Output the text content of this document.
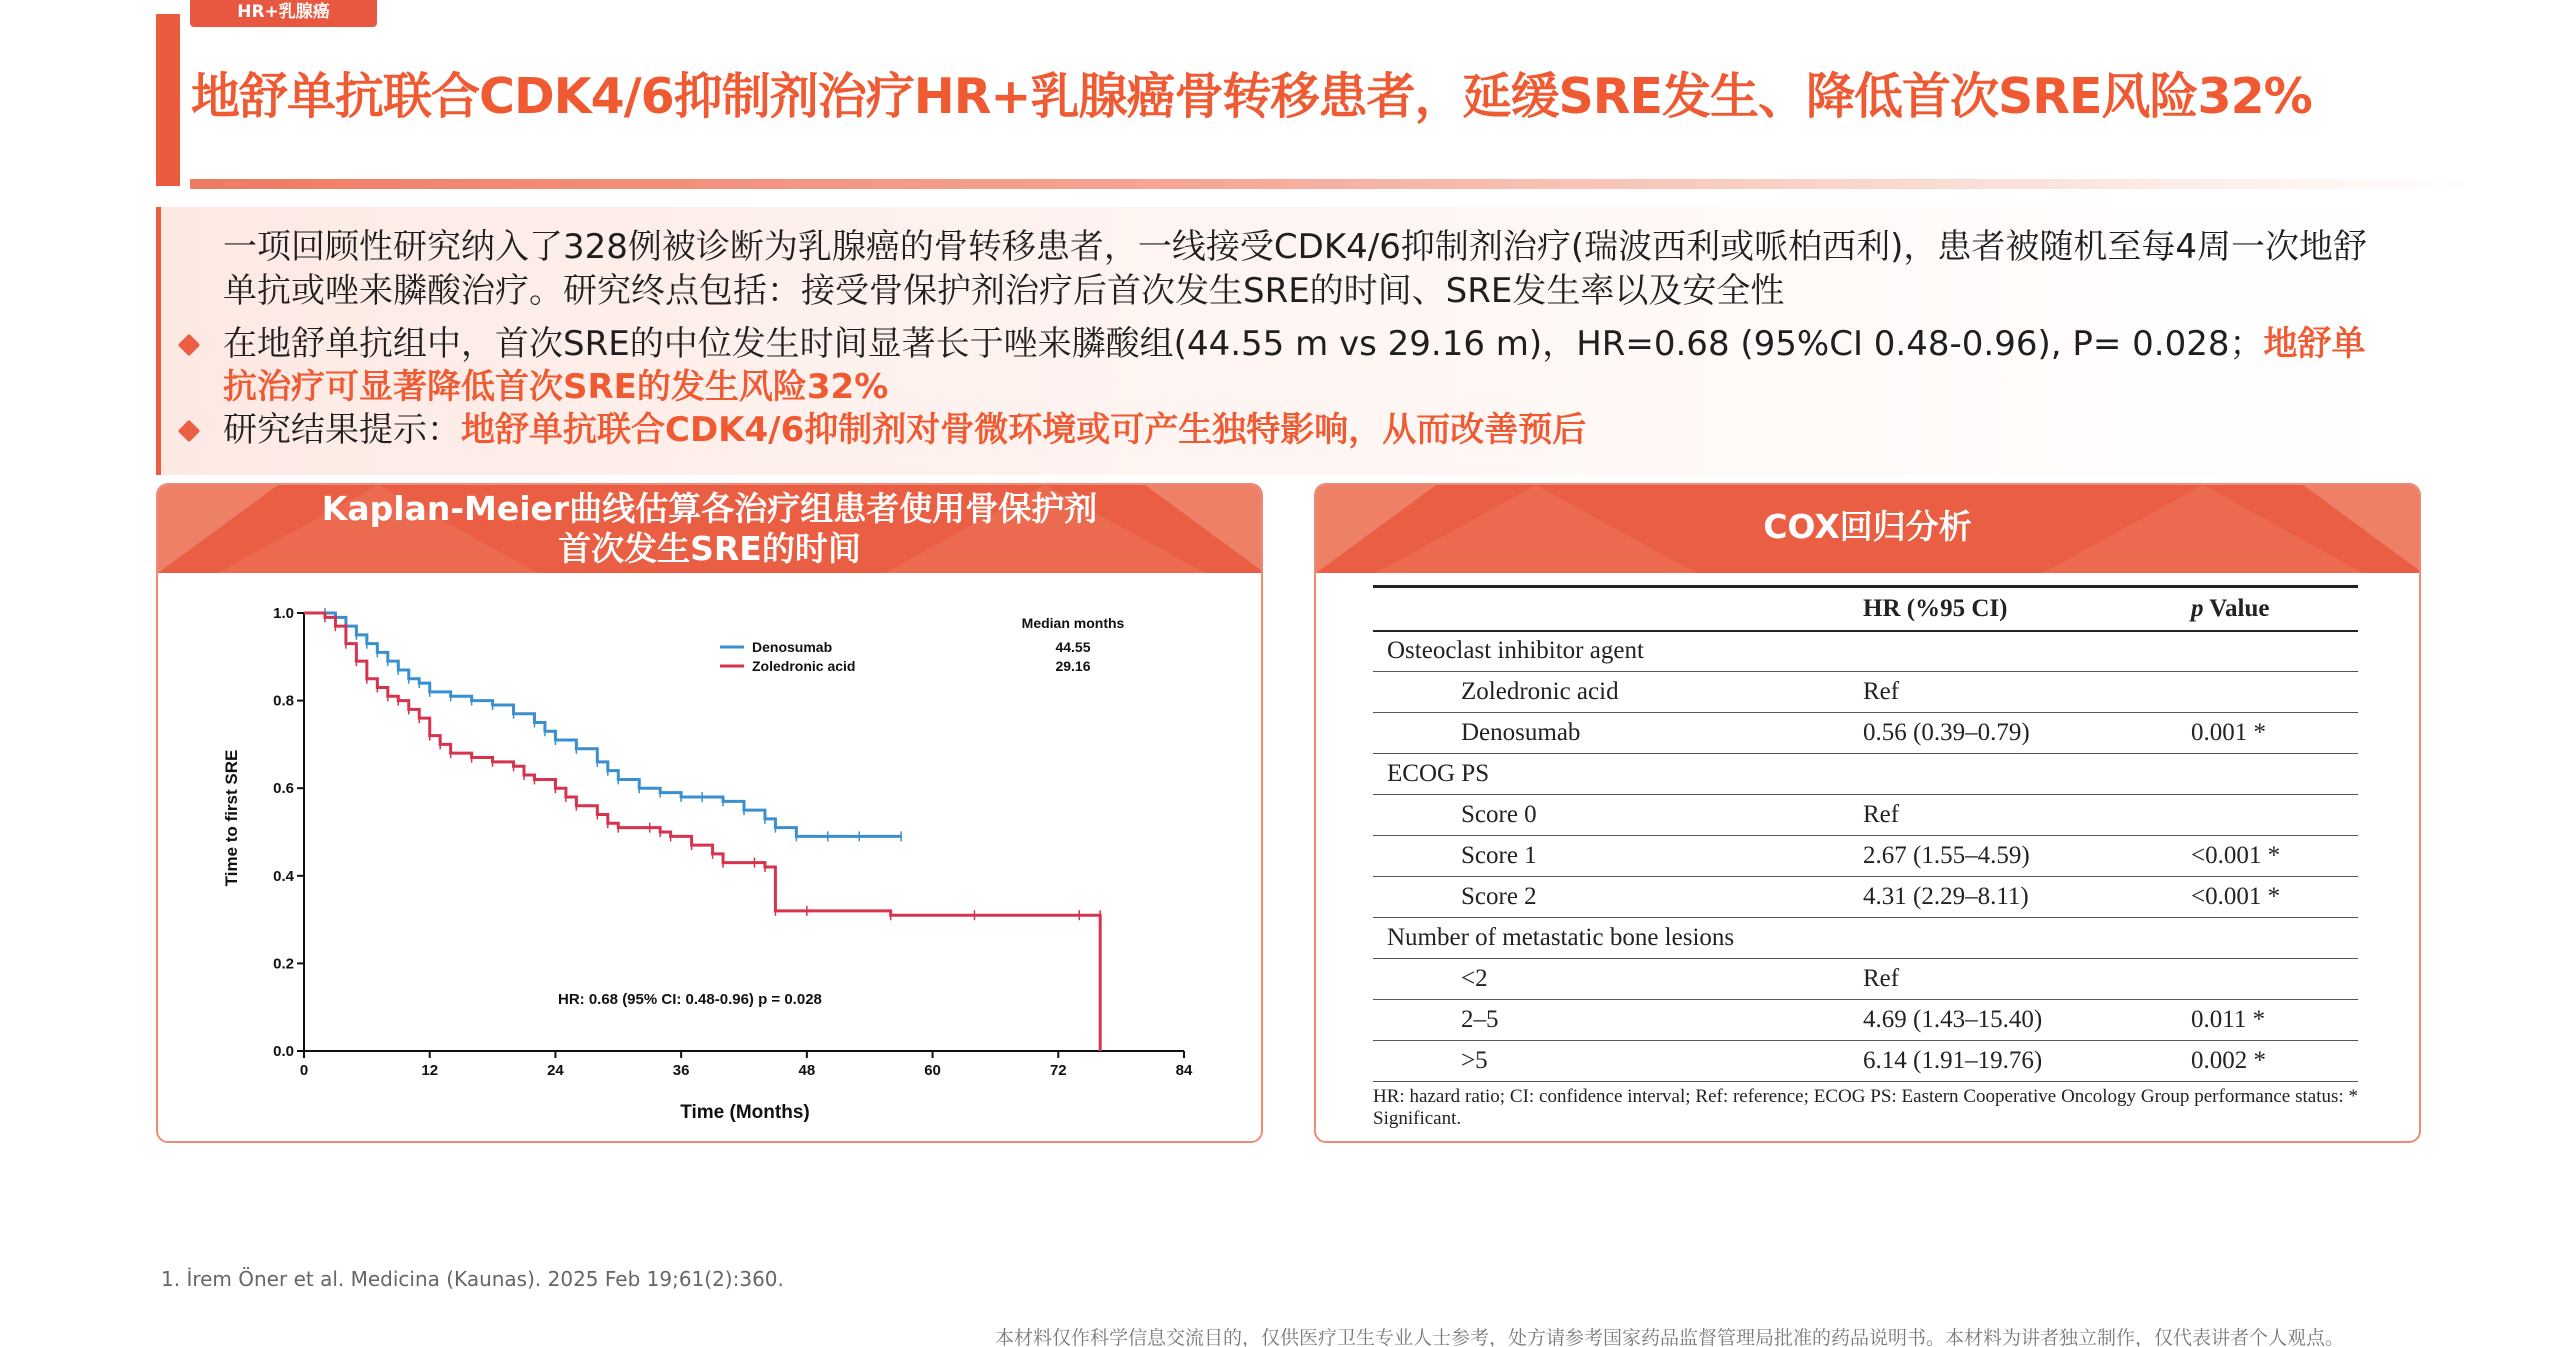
HR+乳腺癌
地舒单抗联合CDK4/6抑制剂治疗HR+乳腺癌骨转移患者，延缓SRE发生、降低首次SRE风险32%
一项回顾性研究纳入了328例被诊断为乳腺癌的骨转移患者，一线接受CDK4/6抑制剂治疗(瑞波西利或哌柏西利)，患者被随机至每4周一次地舒单抗或唑来膦酸治疗。研究终点包括：接受骨保护剂治疗后首次发生SRE的时间、SRE发生率以及安全性
在地舒单抗组中，首次SRE的中位发生时间显著长于唑来膦酸组(44.55 m vs 29.16 m)，HR=0.68 (95%CI 0.48-0.96), P= 0.028；地舒单抗治疗可显著降低首次SRE的发生风险32%
研究结果提示：地舒单抗联合CDK4/6抑制剂对骨微环境或可产生独特影响，从而改善预后
Kaplan-Meier曲线估算各治疗组患者使用骨保护剂
首次发生SRE的时间
0	12	24	36	48	60	72	84
0.0
0.2
0.4
0.6
0.8
1.0
Time (Months)
Time to first SRE
Median months
Denosumab	44.55
Zoledronic acid	29.16
HR: 0.68 (95% CI: 0.48-0.96) p = 0.028
COX回归分析
	HR (%95 CI)	p Value
Osteoclast inhibitor agent		
Zoledronic acid	Ref	
Denosumab	0.56 (0.39–0.79)	0.001 *
ECOG PS		
Score 0	Ref	
Score 1	2.67 (1.55–4.59)	<0.001 *
Score 2	4.31 (2.29–8.11)	<0.001 *
Number of metastatic bone lesions		
<2	Ref	
2–5	4.69 (1.43–15.40)	0.011 *
>5	6.14 (1.91–19.76)	0.002 *
HR: hazard ratio; CI: confidence interval; Ref: reference; ECOG PS: Eastern Cooperative Oncology Group performance status: * Significant.
1. İrem Öner et al. Medicina (Kaunas). 2025 Feb 19;61(2):360.
本材料仅作科学信息交流目的，仅供医疗卫生专业人士参考，处方请参考国家药品监督管理局批准的药品说明书。本材料为讲者独立制作，仅代表讲者个人观点。
